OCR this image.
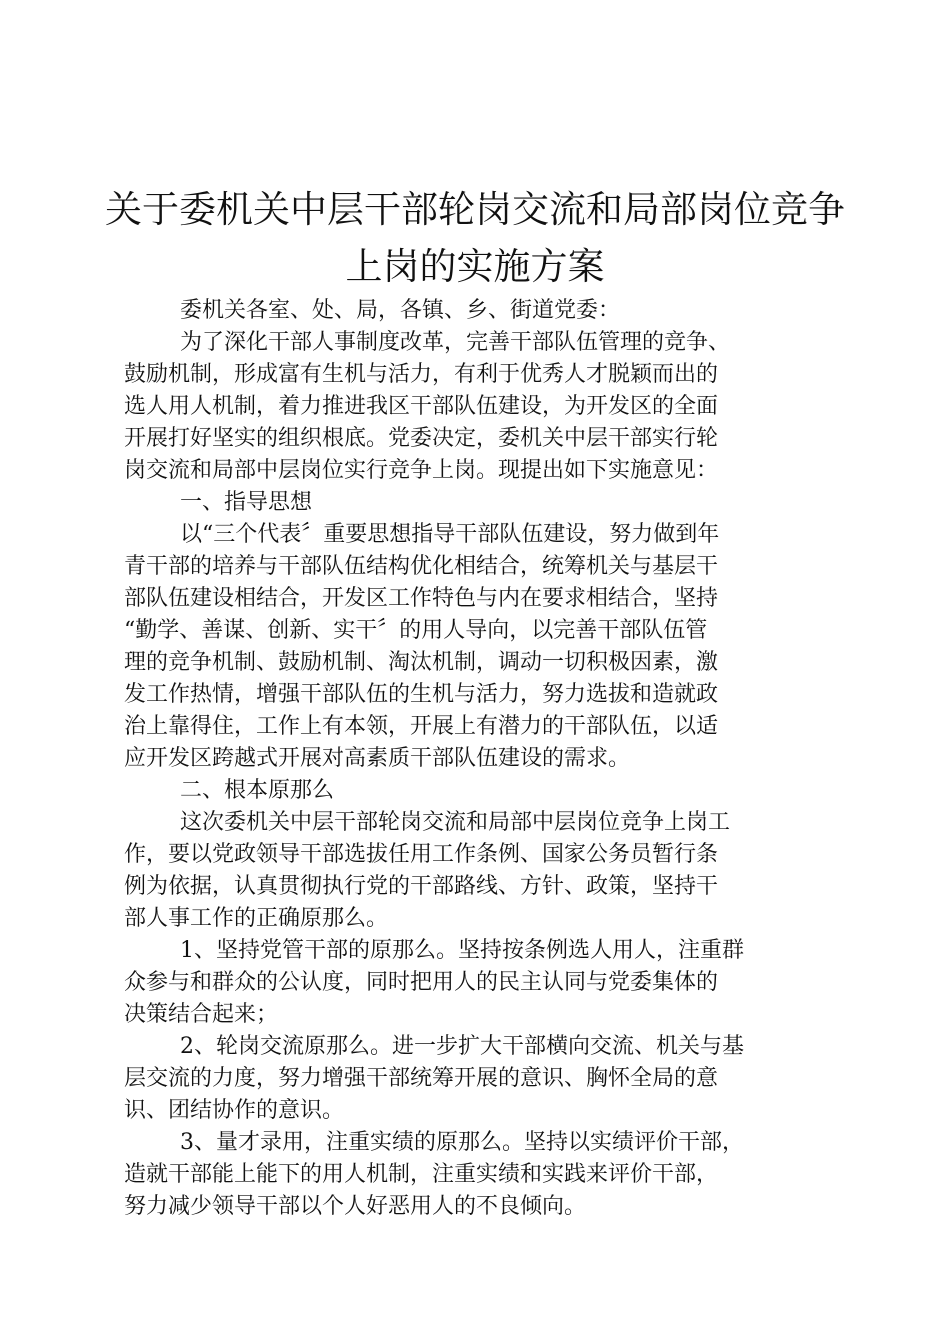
关于委机关中层干部轮岗交流和局部岗位竞争
上岗的实施方案

委机关各室、处、局，各镇、乡、街道党委：

为了深化干部人事制度改革，完善干部队伍管理的竞争、

鼓励机制，形成富有生机与活力，有利于优秀人才脱颖而出的

选人用人机制，着力推进我区干部队伍建设，为开发区的全面

开展打好坚实的组织根底。党委决定，委机关中层干部实行轮

岗交流和局部中层岗位实行竞争上岗。现提出如下实施意见：

一、指导思想

以“三个代表〞重要思想指导干部队伍建设，努力做到年

青干部的培养与干部队伍结构优化相结合，统筹机关与基层干

部队伍建设相结合，开发区工作特色与内在要求相结合，坚持

“勤学、善谋、创新、实干〞的用人导向，以完善干部队伍管

理的竞争机制、鼓励机制、淘汰机制，调动一切积极因素，激

发工作热情，增强干部队伍的生机与活力，努力选拔和造就政

治上靠得住，工作上有本领，开展上有潜力的干部队伍，以适

应开发区跨越式开展对高素质干部队伍建设的需求。

二、根本原那么

这次委机关中层干部轮岗交流和局部中层岗位竞争上岗工

作，要以党政领导干部选拔任用工作条例、国家公务员暂行条

例为依据，认真贯彻执行党的干部路线、方针、政策，坚持干

部人事工作的正确原那么。

1、坚持党管干部的原那么。坚持按条例选人用人，注重群

众参与和群众的公认度，同时把用人的民主认同与党委集体的

决策结合起来；

2、轮岗交流原那么。进一步扩大干部横向交流、机关与基

层交流的力度，努力增强干部统筹开展的意识、胸怀全局的意

识、团结协作的意识。

3、量才录用，注重实绩的原那么。坚持以实绩评价干部，

造就干部能上能下的用人机制，注重实绩和实践来评价干部，

努力减少领导干部以个人好恶用人的不良倾向。
